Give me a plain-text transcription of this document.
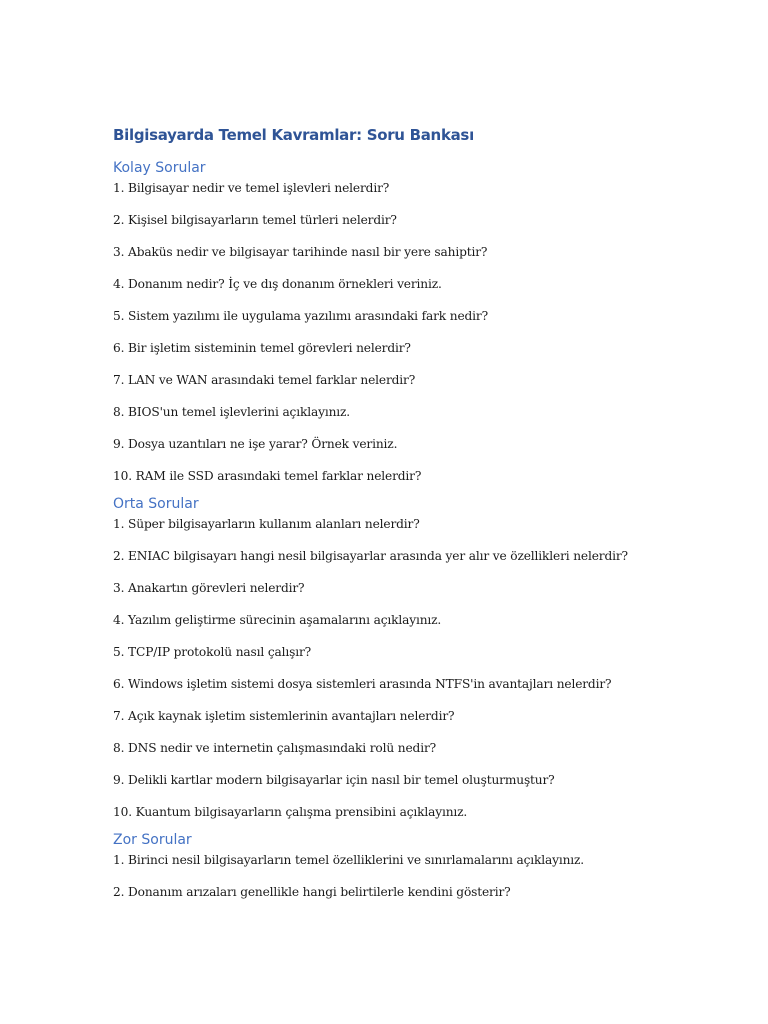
Bilgisayarda Temel Kavramlar: Soru Bankası
Kolay Sorular
1. Bilgisayar nedir ve temel işlevleri nelerdir?
2. Kişisel bilgisayarların temel türleri nelerdir?
3. Abaküs nedir ve bilgisayar tarihinde nasıl bir yere sahiptir?
4. Donanım nedir? İç ve dış donanım örnekleri veriniz.
5. Sistem yazılımı ile uygulama yazılımı arasındaki fark nedir?
6. Bir işletim sisteminin temel görevleri nelerdir?
7. LAN ve WAN arasındaki temel farklar nelerdir?
8. BIOS'un temel işlevlerini açıklayınız.
9. Dosya uzantıları ne işe yarar? Örnek veriniz.
10. RAM ile SSD arasındaki temel farklar nelerdir?
Orta Sorular
1. Süper bilgisayarların kullanım alanları nelerdir?
2. ENIAC bilgisayarı hangi nesil bilgisayarlar arasında yer alır ve özellikleri nelerdir?
3. Anakartın görevleri nelerdir?
4. Yazılım geliştirme sürecinin aşamalarını açıklayınız.
5. TCP/IP protokolü nasıl çalışır?
6. Windows işletim sistemi dosya sistemleri arasında NTFS'in avantajları nelerdir?
7. Açık kaynak işletim sistemlerinin avantajları nelerdir?
8. DNS nedir ve internetin çalışmasındaki rolü nedir?
9. Delikli kartlar modern bilgisayarlar için nasıl bir temel oluşturmuştur?
10. Kuantum bilgisayarların çalışma prensibini açıklayınız.
Zor Sorular
1. Birinci nesil bilgisayarların temel özelliklerini ve sınırlamalarını açıklayınız.
2. Donanım arızaları genellikle hangi belirtilerle kendini gösterir?
